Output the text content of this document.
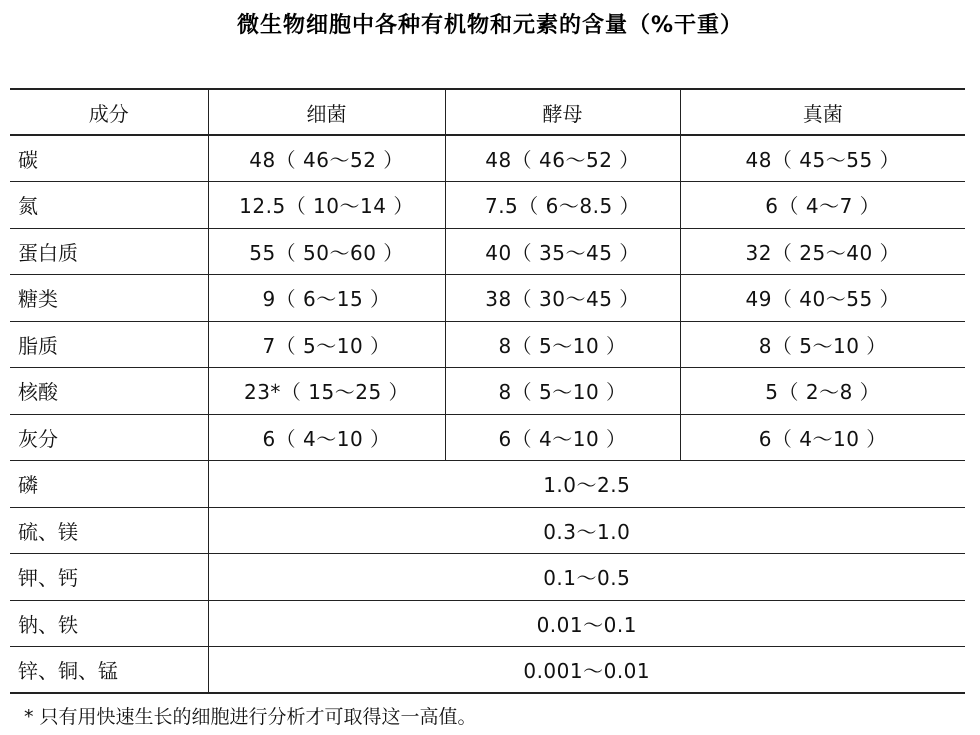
微生物细胞中各种有机物和元素的含量（%干重）
成分	细菌	酵母	真菌
碳	48（ 46～52 ）	48（ 46～52 ）	48（ 45～55 ）
氮	12.5（ 10～14 ）	7.5（ 6～8.5 ）	6（ 4～7 ）
蛋白质	55（ 50～60 ）	40（ 35～45 ）	32（ 25～40 ）
糖类	9（ 6～15 ）	38（ 30～45 ）	49（ 40～55 ）
脂质	7（ 5～10 ）	8（ 5～10 ）	8（ 5～10 ）
核酸	23*（ 15～25 ）	8（ 5～10 ）	5（ 2～8 ）
灰分	6（ 4～10 ）	6（ 4～10 ）	6（ 4～10 ）
磷	1.0～2.5		
硫、镁	0.3～1.0		
钾、钙	0.1～0.5		
钠、铁	0.01～0.1		
锌、铜、锰	0.001～0.01		
* 只有用快速生长的细胞进行分析才可取得这一高值。
